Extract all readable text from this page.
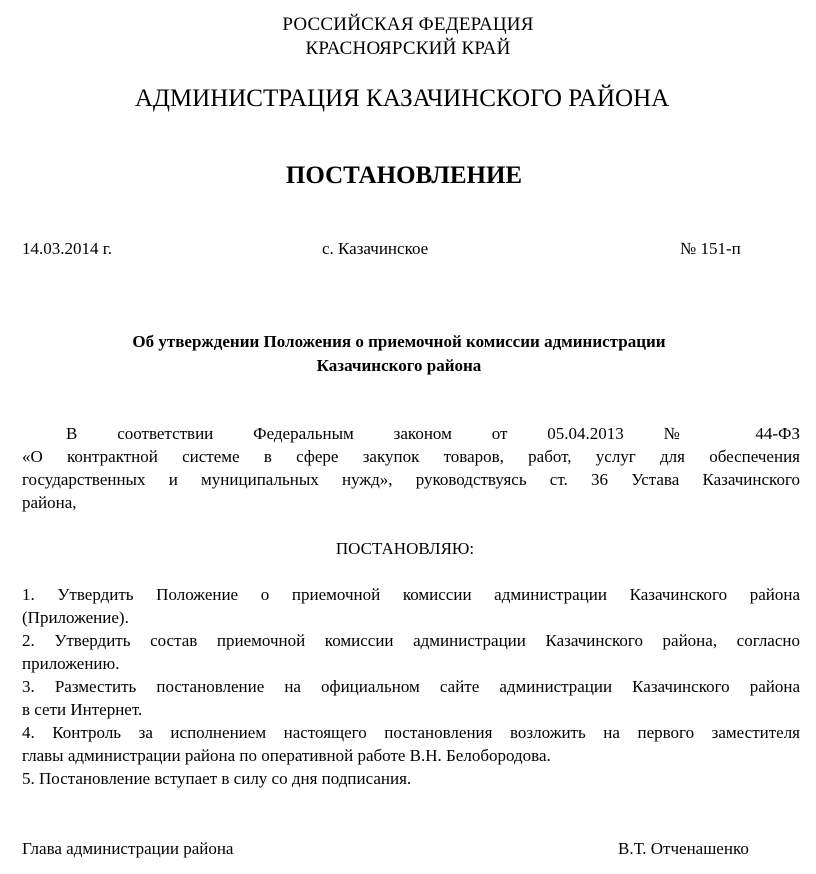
РОССИЙСКАЯ ФЕДЕРАЦИЯ

КРАСНОЯРСКИЙ КРАЙ

АДМИНИСТРАЦИЯ КАЗАЧИНСКОГО РАЙОНА

ПОСТАНОВЛЕНИЕ

14.03.2014 г.	с. Казачинское	№ 151-п

Об утверждении Положения о приемочной комиссии администрации

Казачинского района

В соответствии Федеральным законом от 05.04.2013 № 44-ФЗ

«О контрактной системе в сфере закупок товаров, работ, услуг для обеспечения

государственных и муниципальных нужд», руководствуясь ст. 36 Устава Казачинского

района,

ПОСТАНОВЛЯЮ:

1. Утвердить Положение о приемочной комиссии администрации Казачинского района

(Приложение).

2. Утвердить состав приемочной комиссии администрации Казачинского района, согласно

приложению.

3. Разместить постановление на официальном сайте администрации Казачинского района

в сети Интернет.

4. Контроль за исполнением настоящего постановления возложить на первого заместителя

главы администрации района по оперативной работе В.Н. Белобородова.

5. Постановление вступает в силу со дня подписания.

Глава администрации района	В.Т. Отченашенко
